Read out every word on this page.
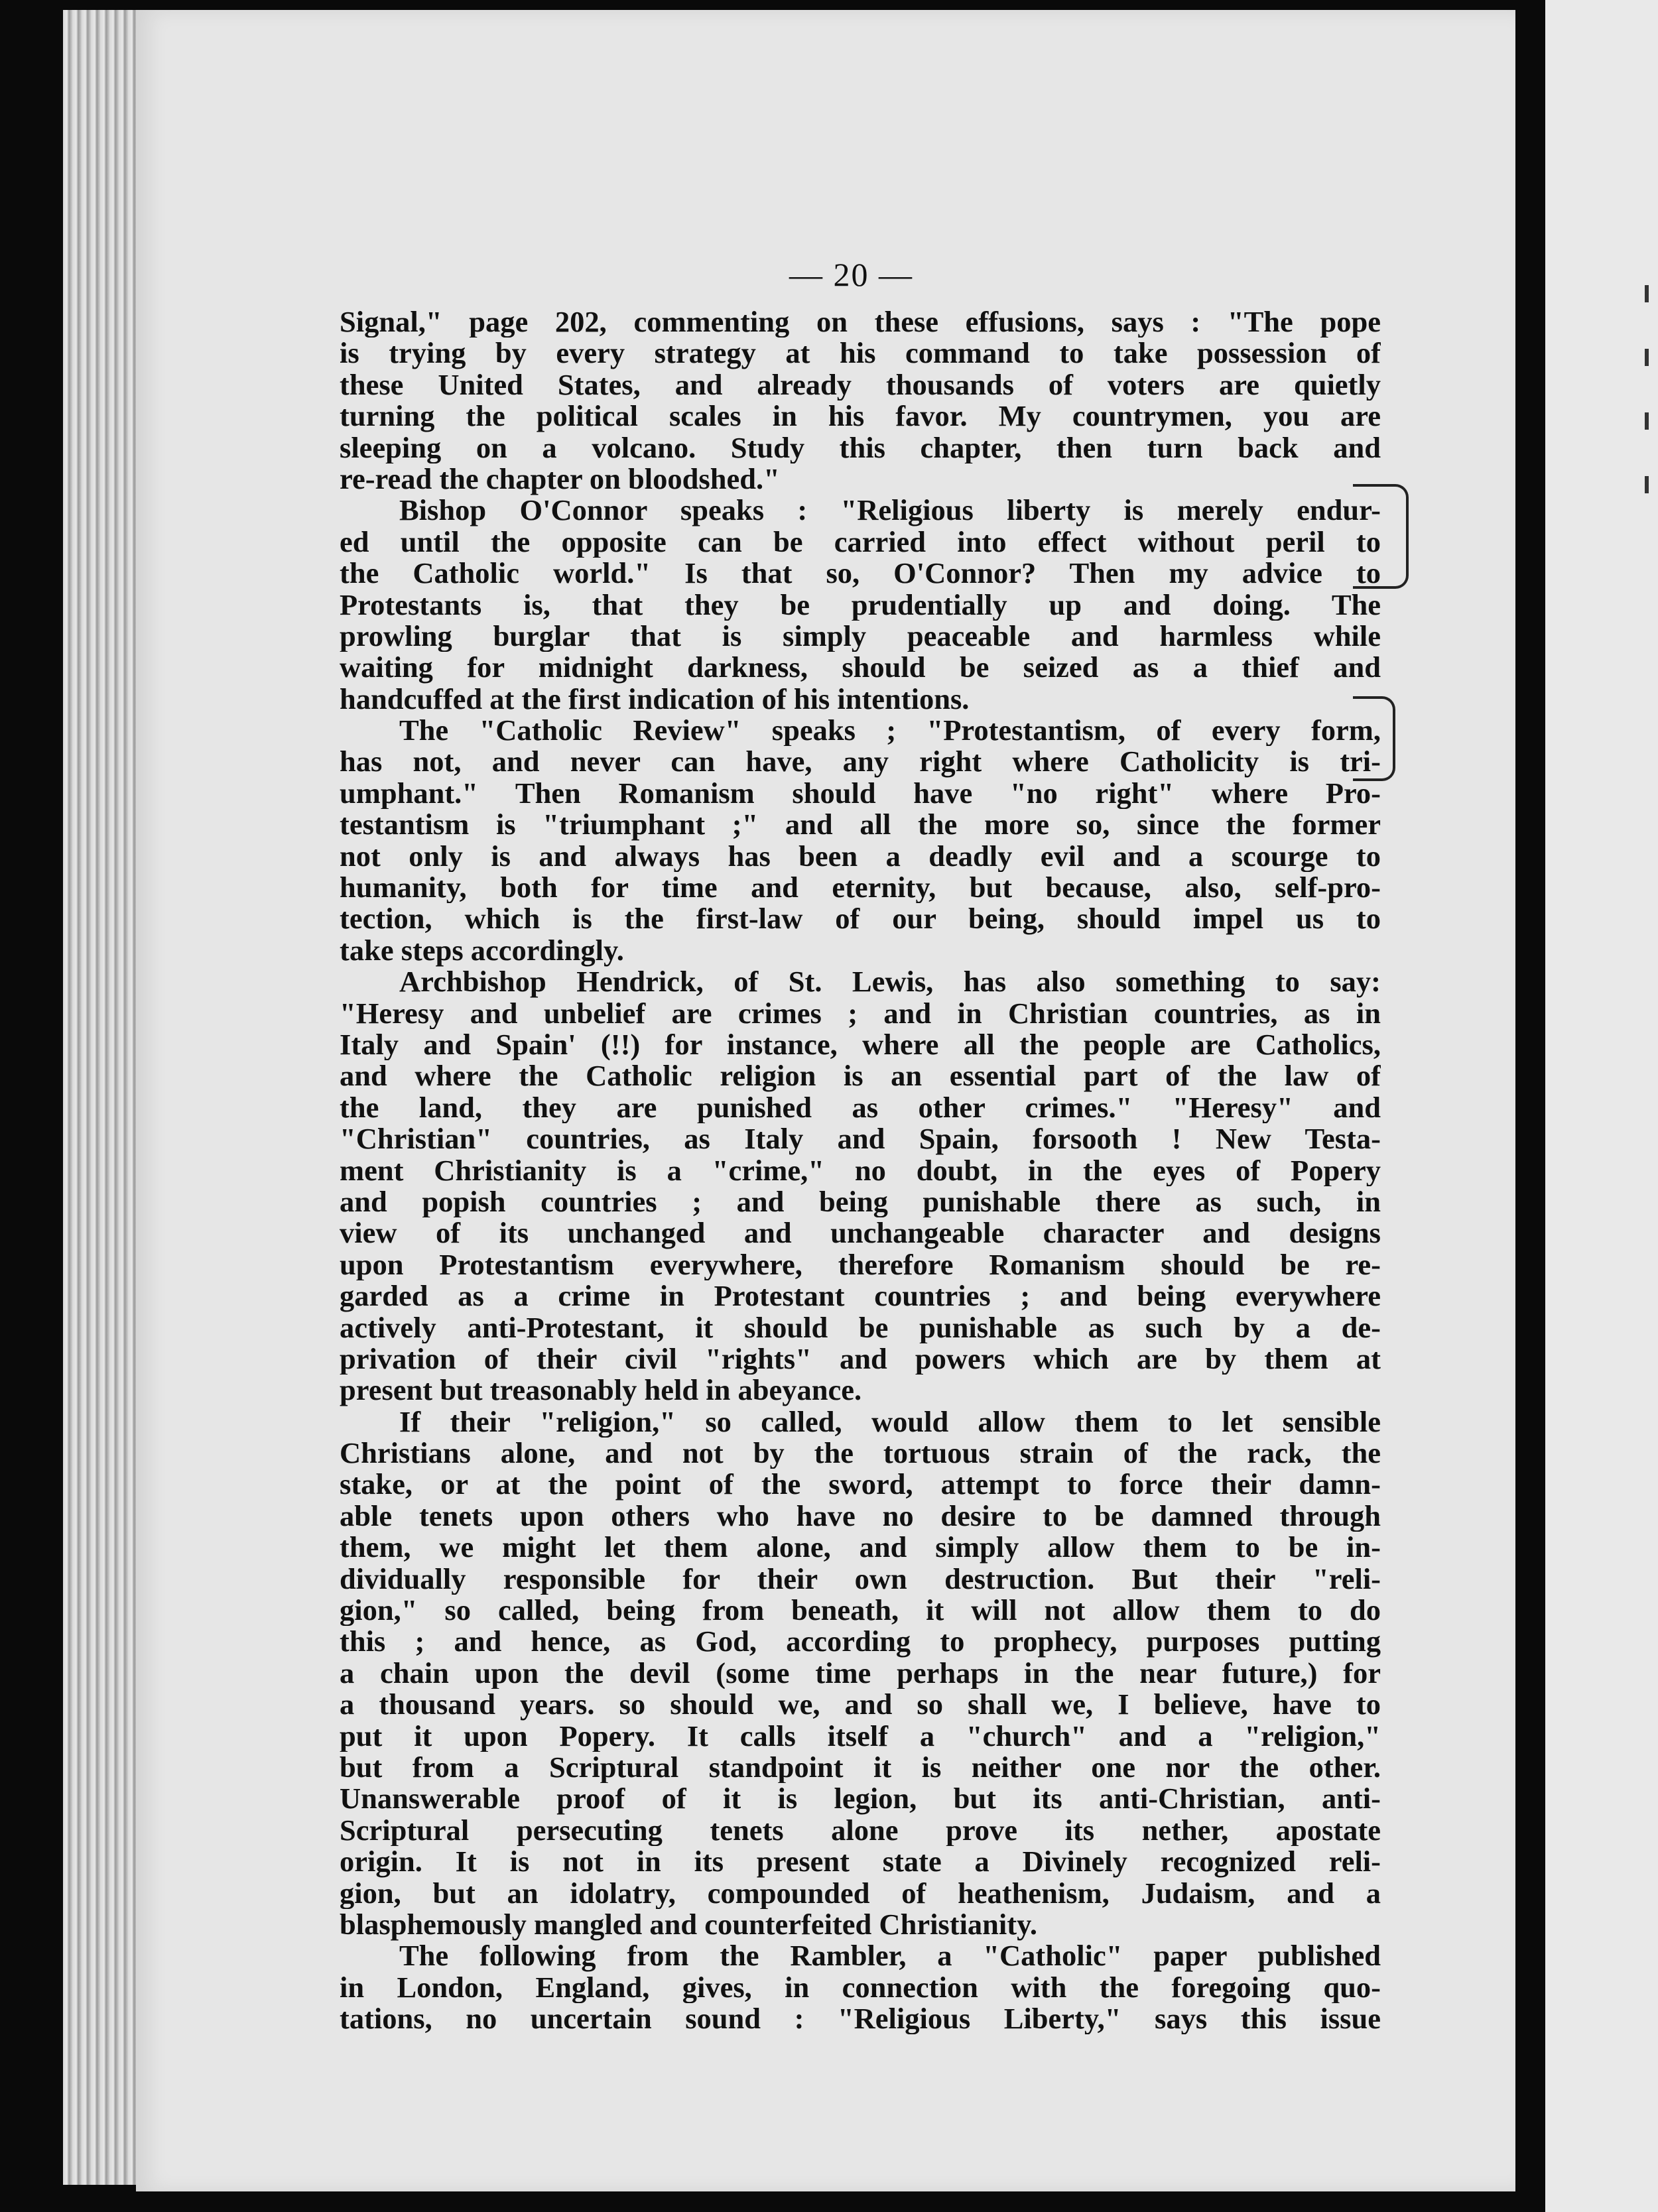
— 20 —
Signal," page 202, commenting on these effusions, says : "The pope
is trying by every strategy at his command to take possession of
these United States, and already thousands of voters are quietly
turning the political scales in his favor. My countrymen, you are
sleeping on a volcano. Study this chapter, then turn back and
re-read the chapter on bloodshed."
Bishop O'Connor speaks : "Religious liberty is merely endur-
ed until the opposite can be carried into effect without peril to
the Catholic world." Is that so, O'Connor? Then my advice to
Protestants is, that they be prudentially up and doing. The
prowling burglar that is simply peaceable and harmless while
waiting for midnight darkness, should be seized as a thief and
handcuffed at the first indication of his intentions.
The "Catholic Review" speaks ; "Protestantism, of every form,
has not, and never can have, any right where Catholicity is tri-
umphant." Then Romanism should have "no right" where Pro-
testantism is "triumphant ;" and all the more so, since the former
not only is and always has been a deadly evil and a scourge to
humanity, both for time and eternity, but because, also, self-pro-
tection, which is the first-law of our being, should impel us to
take steps accordingly.
Archbishop Hendrick, of St. Lewis, has also something to say:
"Heresy and unbelief are crimes ; and in Christian countries, as in
Italy and Spain' (!!) for instance, where all the people are Catholics,
and where the Catholic religion is an essential part of the law of
the land, they are punished as other crimes." "Heresy" and
"Christian" countries, as Italy and Spain, forsooth ! New Testa-
ment Christianity is a "crime," no doubt, in the eyes of Popery
and popish countries ; and being punishable there as such, in
view of its unchanged and unchangeable character and designs
upon Protestantism everywhere, therefore Romanism should be re-
garded as a crime in Protestant countries ; and being everywhere
actively anti-Protestant, it should be punishable as such by a de-
privation of their civil "rights" and powers which are by them at
present but treasonably held in abeyance.
If their "religion," so called, would allow them to let sensible
Christians alone, and not by the tortuous strain of the rack, the
stake, or at the point of the sword, attempt to force their damn-
able tenets upon others who have no desire to be damned through
them, we might let them alone, and simply allow them to be in-
dividually responsible for their own destruction. But their "reli-
gion," so called, being from beneath, it will not allow them to do
this ; and hence, as God, according to prophecy, purposes putting
a chain upon the devil (some time perhaps in the near future,) for
a thousand years. so should we, and so shall we, I believe, have to
put it upon Popery. It calls itself a "church" and a "religion,"
but from a Scriptural standpoint it is neither one nor the other.
Unanswerable proof of it is legion, but its anti-Christian, anti-
Scriptural persecuting tenets alone prove its nether, apostate
origin. It is not in its present state a Divinely recognized reli-
gion, but an idolatry, compounded of heathenism, Judaism, and a
blasphemously mangled and counterfeited Christianity.
The following from the Rambler, a "Catholic" paper published
in London, England, gives, in connection with the foregoing quo-
tations, no uncertain sound : "Religious Liberty," says this issue
